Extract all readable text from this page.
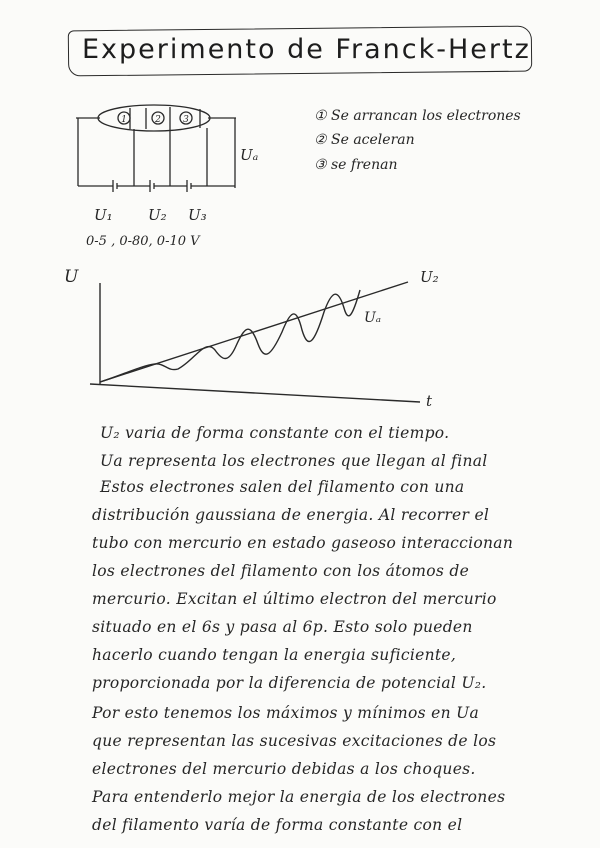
Experimento de Franck-Hertz
1	2 3
Uₐ
U₁ U₂ U₃
0-5 , 0-80, 0-10 V
U
t
U₂
Uₐ
① Se arrancan los electrones
② Se aceleran
③ se frenan
U₂ varia de forma constante con el tiempo.
Ua representa los electrones que llegan al final
Estos electrones salen del filamento con una
distribución gaussiana de energia. Al recorrer el
tubo con mercurio en estado gaseoso interaccionan
los electrones del filamento con los átomos de
mercurio. Excitan el último electron del mercurio
situado en el 6s y pasa al 6p. Esto solo pueden
hacerlo cuando tengan la energia suficiente,
proporcionada por la diferencia de potencial U₂.
Por esto tenemos los máximos y mínimos en Ua
que representan las sucesivas excitaciones de los
electrones del mercurio debidas a los choques.
Para entenderlo mejor la energia de los electrones
del filamento varía de forma constante con el
